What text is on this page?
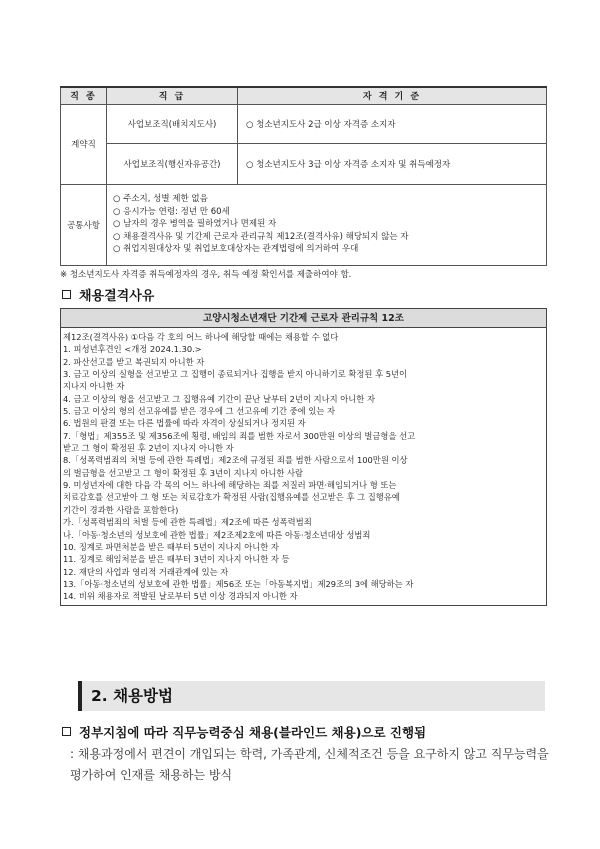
직 종	직 급	자 격 기 준
계약직	사업보조직(배치지도사)	○ 청소년지도사 2급 이상 자격증 소지자
	사업보조직(행신자유공간)	○ 청소년지도사 3급 이상 자격증 소지자 및 취득예정자
공통사항	○ 주소지, 성별 제한 없음
○ 응시가능 연령: 정년 만 60세
○ 남자의 경우 병역을 필하였거나 면제된 자
○ 채용결격사유 및 기간제 근로자 관리규칙 제12조(결격사유) 해당되지 않는 자
○ 취업지원대상자 및 취업보호대상자는 관계법령에 의거하여 우대	
※ 청소년지도사 자격증 취득예정자의 경우, 취득 예정 확인서를 제출하여야 함.
채용결격사유
고양시청소년재단 기간제 근로자 관리규칙 12조
제12조(결격사유) ①다음 각 호의 어느 하나에 해당할 때에는 채용할 수 없다
1. 피성년후견인 <개정 2024.1.30.>
2. 파산선고를 받고 복권되지 아니한 자
3. 금고 이상의 실형을 선고받고 그 집행이 종료되거나 집행을 받지 아니하기로 확정된 후 5년이
지나지 아니한 자
4. 금고 이상의 형을 선고받고 그 집행유예 기간이 끝난 날부터 2년이 지나지 아니한 자
5. 금고 이상의 형의 선고유예를 받은 경우에 그 선고유예 기간 중에 있는 자
6. 법원의 판결 또는 다른 법률에 따라 자격이 상실되거나 정지된 자
7.「형법」제355조 및 제356조에 횡령, 배임의 죄를 범한 자로서 300만원 이상의 벌금형을 선고
받고 그 형이 확정된 후 2년이 지나지 아니한 자
8.「성폭력범죄의 처벌 등에 관한 특례법」제2조에 규정된 죄를 범한 사람으로서 100만원 이상
의 벌금형을 선고받고 그 형이 확정된 후 3년이 지나지 아니한 사람
9. 미성년자에 대한 다음 각 목의 어느 하나에 해당하는 죄를 저질러 파면·해임되거나 형 또는
치료감호를 선고받아 그 형 또는 치료감호가 확정된 사람(집행유예를 선고받은 후 그 집행유예
기간이 경과한 사람을 포함한다)
가.「성폭력범죄의 처벌 등에 관한 특례법」제2조에 따른 성폭력범죄
나.「아동·청소년의 성보호에 관한 법률」제2조제2호에 따른 아동·청소년대상 성범죄
10. 징계로 파면처분을 받은 때부터 5년이 지나지 아니한 자
11. 징계로 해임처분을 받은 때부터 3년이 지나지 아니한 자 등
12. 재단의 사업과 영리적 거래관계에 있는 자
13.「아동·청소년의 성보호에 관한 법률」제56조 또는「아동복지법」제29조의 3에 해당하는 자
14. 비위 채용자로 적발된 날로부터 5년 이상 경과되지 아니한 자
2. 채용방법
정부지침에 따라 직무능력중심 채용(블라인드 채용)으로 진행됨
: 채용과정에서 편견이 개입되는 학력, 가족관계, 신체적조건 등을 요구하지 않고 직무능력을 평가하여 인재를 채용하는 방식
